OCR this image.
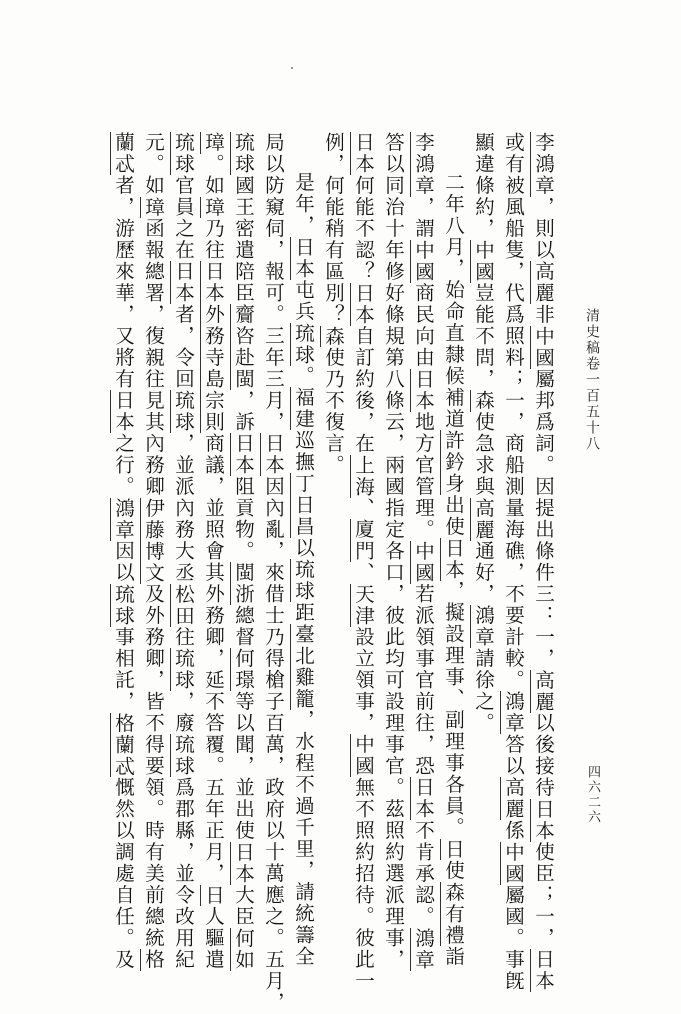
清史稿卷一百五十八
李鴻章，則以高麗非中國屬邦爲詞。因提出條件三：一，高麗以後接待日本使臣；一，日本
或有被風船隻，代爲照料；一，商船測量海礁，不要計較。鴻章答以高麗係中國屬國。事旣
顯違條約，中國豈能不問，森使急求與高麗通好，鴻章請徐之。
二年八月，始命直隸候補道許鈐身出使日本，擬設理事、副理事各員。日使森有禮詣
李鴻章，謂中國商民向由日本地方官管理。中國若派領事官前往，恐日本不肯承認。鴻章
答以同治十年修好條規第八條云，兩國指定各口，彼此均可設理事官。茲照約選派理事，
日本何能不認？日本自訂約後，在上海、廈門、天津設立領事，中國無不照約招待。彼此一
例，何能稍有區別？森使乃不復言。
是年，日本屯兵琉球。福建巡撫丁日昌以琉球距臺北雞籠，水程不過千里，請統籌全
局以防窺伺，報可。三年三月，日本因內亂，來借士乃得槍子百萬，政府以十萬應之。五月，
琉球國王密遣陪臣齎咨赴閩，訴日本阻貢物。閩浙總督何璟等以聞，並出使日本大臣何如
璋。如璋乃往日本外務寺島宗則商議，並照會其外務卿，延不答覆。五年正月，日人驅遣
琉球官員之在日本者，令回琉球，並派內務大丞松田往琉球，廢琉球爲郡縣，並令改用紀
元。如璋函報總署，復親往見其內務卿伊藤博文及外務卿，皆不得要領。時有美前總統格
蘭忒者，游歷來華，又將有日本之行。鴻章因以琉球事相託，格蘭忒慨然以調處自任。及	四六二六
